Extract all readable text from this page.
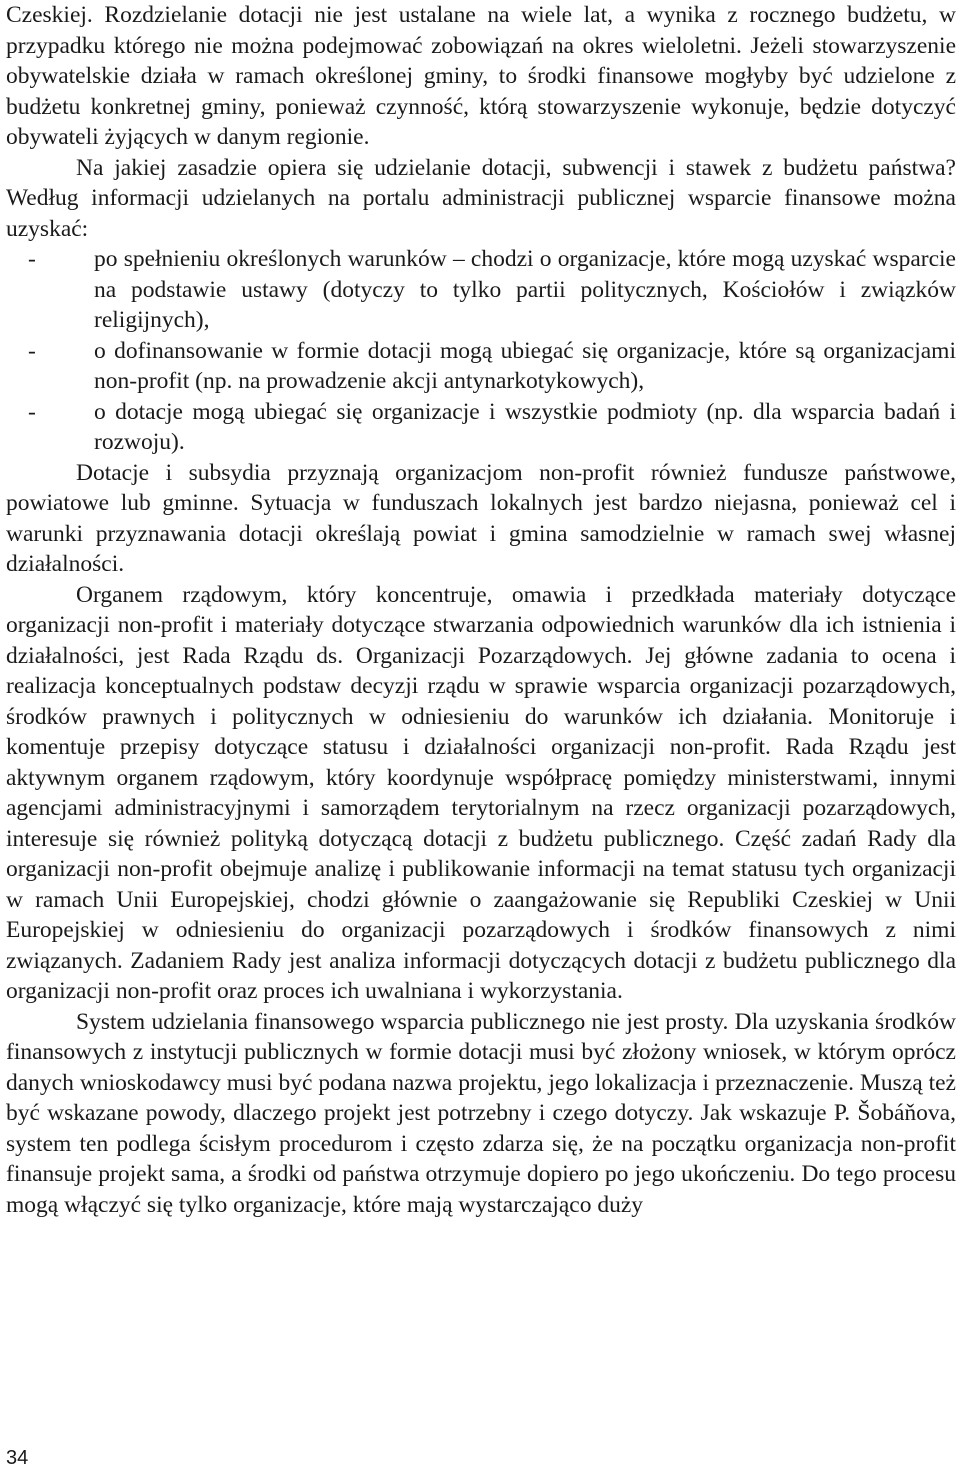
Czeskiej. Rozdzielanie dotacji nie jest ustalane na wiele lat, a wynika z rocznego budżetu, w przypadku którego nie można podejmować zobowiązań na okres wieloletni. Jeżeli stowarzyszenie obywatelskie działa w ramach określonej gminy, to środki finansowe mogłyby być udzielone z budżetu konkretnej gminy, ponieważ czynność, którą stowarzyszenie wykonuje, będzie dotyczyć obywateli żyjących w danym regionie.

Na jakiej zasadzie opiera się udzielanie dotacji, subwencji i stawek z budżetu państwa? Według informacji udzielanych na portalu administracji publicznej wsparcie finansowe można uzyskać:

- po spełnieniu określonych warunków – chodzi o organizacje, które mogą uzyskać wsparcie na podstawie ustawy (dotyczy to tylko partii politycznych, Kościołów i związków religijnych),
- o dofinansowanie w formie dotacji mogą ubiegać się organizacje, które są organizacjami non-profit (np. na prowadzenie akcji antynarkotykowych),
- o dotacje mogą ubiegać się organizacje i wszystkie podmioty (np. dla wsparcia badań i rozwoju).

Dotacje i subsydia przyznają organizacjom non-profit również fundusze państwowe, powiatowe lub gminne. Sytuacja w funduszach lokalnych jest bardzo niejasna, ponieważ cel i warunki przyznawania dotacji określają powiat i gmina samodzielnie w ramach swej własnej działalności.

Organem rządowym, który koncentruje, omawia i przedkłada materiały dotyczące organizacji non-profit i materiały dotyczące stwarzania odpowiednich warunków dla ich istnienia i działalności, jest Rada Rządu ds. Organizacji Pozarządowych. Jej główne zadania to ocena i realizacja konceptualnych podstaw decyzji rządu w sprawie wsparcia organizacji pozarządowych, środków prawnych i politycznych w odniesieniu do warunków ich działania. Monitoruje i komentuje przepisy dotyczące statusu i działalności organizacji non-profit. Rada Rządu jest aktywnym organem rządowym, który koordynuje współpracę pomiędzy ministerstwami, innymi agencjami administracyjnymi i samorządem terytorialnym na rzecz organizacji pozarządowych, interesuje się również polityką dotyczącą dotacji z budżetu publicznego. Część zadań Rady dla organizacji non-profit obejmuje analizę i publikowanie informacji na temat statusu tych organizacji w ramach Unii Europejskiej, chodzi głównie o zaangażowanie się Republiki Czeskiej w Unii Europejskiej w odniesieniu do organizacji pozarządowych i środków finansowych z nimi związanych. Zadaniem Rady jest analiza informacji dotyczących dotacji z budżetu publicznego dla organizacji non-profit oraz proces ich uwalniana i wykorzystania.

System udzielania finansowego wsparcia publicznego nie jest prosty. Dla uzyskania środków finansowych z instytucji publicznych w formie dotacji musi być złożony wniosek, w którym oprócz danych wnioskodawcy musi być podana nazwa projektu, jego lokalizacja i przeznaczenie. Muszą też być wskazane powody, dlaczego projekt jest potrzebny i czego dotyczy. Jak wskazuje P. Šobáňova, system ten podlega ścisłym procedurom i często zdarza się, że na początku organizacja non-profit finansuje projekt sama, a środki od państwa otrzymuje dopiero po jego ukończeniu. Do tego procesu mogą włączyć się tylko organizacje, które mają wystarczająco duży

34
